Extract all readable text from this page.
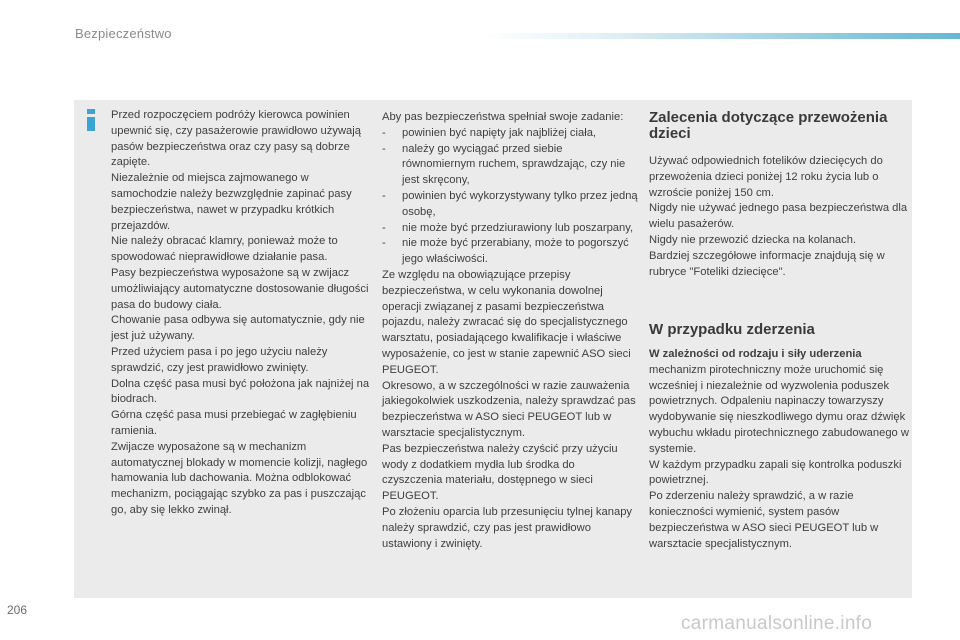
Bezpieczeństwo

Przed rozpoczęciem podróży kierowca powinien upewnić się, czy pasażerowie prawidłowo używają pasów bezpieczeństwa oraz czy pasy są dobrze zapięte.

Niezależnie od miejsca zajmowanego w samochodzie należy bezwzględnie zapinać pasy bezpieczeństwa, nawet w przypadku krótkich przejazdów.

Nie należy obracać klamry, ponieważ może to spowodować nieprawidłowe działanie pasa.

Pasy bezpieczeństwa wyposażone są w zwijacz umożliwiający automatyczne dostosowanie długości pasa do budowy ciała.

Chowanie pasa odbywa się automatycznie, gdy nie jest już używany.

Przed użyciem pasa i po jego użyciu należy sprawdzić, czy jest prawidłowo zwinięty.

Dolna część pasa musi być położona jak najniżej na biodrach.

Górna część pasa musi przebiegać w zagłębieniu ramienia.

Zwijacze wyposażone są w mechanizm automatycznej blokady w momencie kolizji, nagłego hamowania lub dachowania. Można odblokować mechanizm, pociągając szybko za pas i puszczając go, aby się lekko zwinął.

Aby pas bezpieczeństwa spełniał swoje zadanie:

- powinien być napięty jak najbliżej ciała,
- należy go wyciągać przed siebie równomiernym ruchem, sprawdzając, czy nie jest skręcony,
- powinien być wykorzystywany tylko przez jedną osobę,
- nie może być przedziurawiony lub poszarpany,
- nie może być przerabiany, może to pogorszyć jego właściwości.

Ze względu na obowiązujące przepisy bezpieczeństwa, w celu wykonania dowolnej operacji związanej z pasami bezpieczeństwa pojazdu, należy zwracać się do specjalistycznego warsztatu, posiadającego kwalifikacje i właściwe wyposażenie, co jest w stanie zapewnić ASO sieci PEUGEOT.

Okresowo, a w szczególności w razie zauważenia jakiegokolwiek uszkodzenia, należy sprawdzać pas bezpieczeństwa w ASO sieci PEUGEOT lub w warsztacie specjalistycznym.

Pas bezpieczeństwa należy czyścić przy użyciu wody z dodatkiem mydła lub środka do czyszczenia materiału, dostępnego w sieci PEUGEOT.

Po złożeniu oparcia lub przesunięciu tylnej kanapy należy sprawdzić, czy pas jest prawidłowo ustawiony i zwinięty.

Zalecenia dotyczące przewożenia dzieci

Używać odpowiednich fotelików dziecięcych do przewożenia dzieci poniżej 12 roku życia lub o wzroście poniżej 150 cm.

Nigdy nie używać jednego pasa bezpieczeństwa dla wielu pasażerów.

Nigdy nie przewozić dziecka na kolanach.

Bardziej szczegółowe informacje znajdują się w rubryce "Foteliki dziecięce".

W przypadku zderzenia

W zależności od rodzaju i siły uderzenia mechanizm pirotechniczny może uruchomić się wcześniej i niezależnie od wyzwolenia poduszek powietrznych. Odpaleniu napinaczy towarzyszy wydobywanie się nieszkodliwego dymu oraz dźwięk wybuchu wkładu pirotechnicznego zabudowanego w systemie.

W każdym przypadku zapali się kontrolka poduszki powietrznej.

Po zderzeniu należy sprawdzić, a w razie konieczności wymienić, system pasów bezpieczeństwa w ASO sieci PEUGEOT lub w warsztacie specjalistycznym.

206
carmanualsonline.info
